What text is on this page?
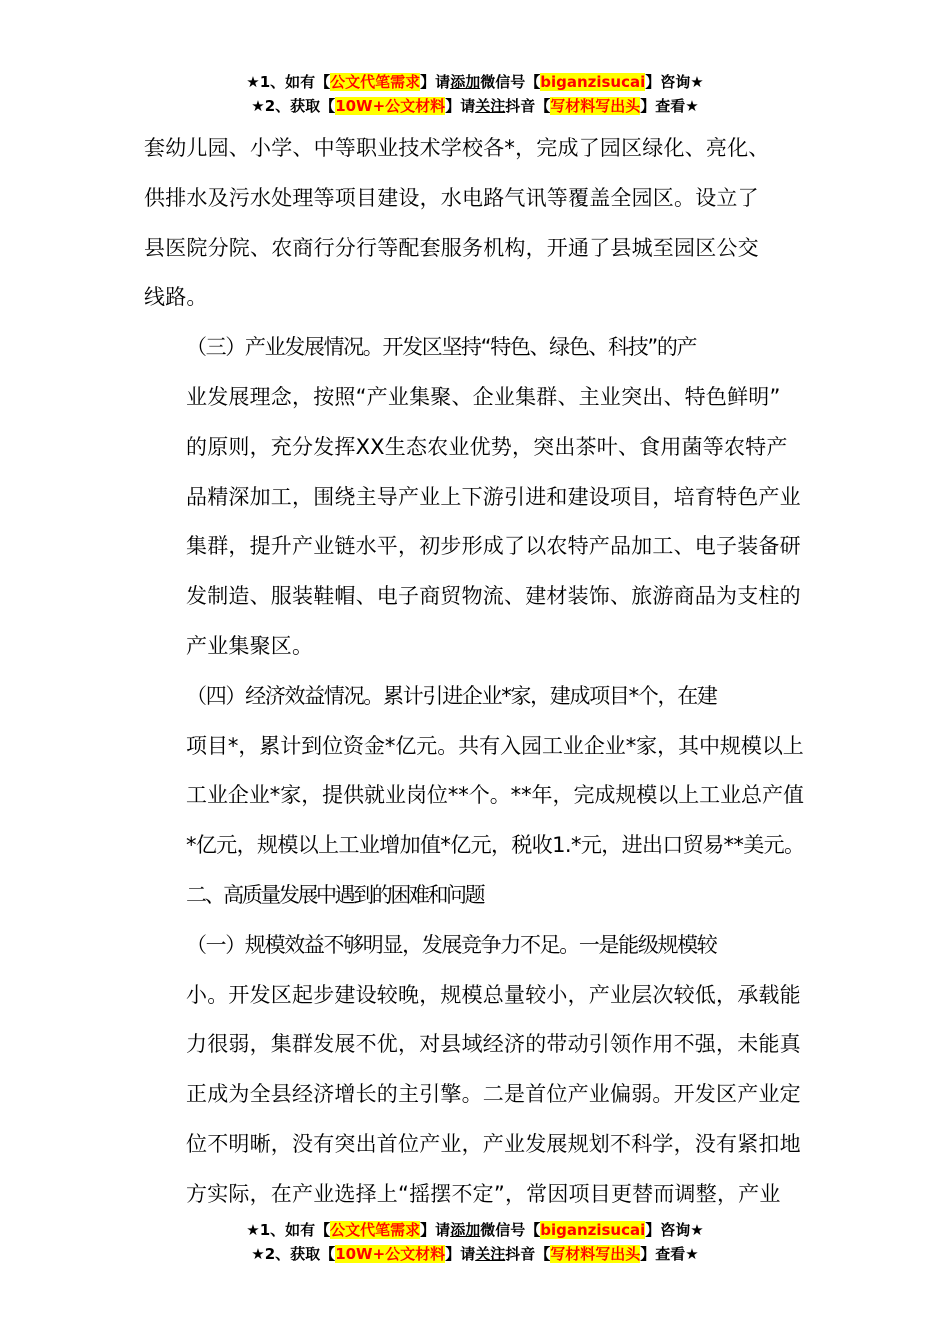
★1、如有【公文代笔需求】请添加微信号【biganzisucai】咨询★
★2、获取【10W+公文材料】请关注抖音【写材料写出头】查看★

套幼儿园、小学、中等职业技术学校各*，完成了园区绿化、亮化、
供排水及污水处理等项目建设，水电路气讯等覆盖全园区。设立了
县医院分院、农商行分行等配套服务机构，开通了县城至园区公交
线路。

（三）产业发展情况。开发区坚持“特色、绿色、科技”的产
业发展理念，按照“产业集聚、企业集群、主业突出、特色鲜明”
的原则，充分发挥XX生态农业优势，突出茶叶、食用菌等农特产
品精深加工，围绕主导产业上下游引进和建设项目，培育特色产业
集群，提升产业链水平，初步形成了以农特产品加工、电子装备研
发制造、服装鞋帽、电子商贸物流、建材装饰、旅游商品为支柱的
产业集聚区。

（四）经济效益情况。累计引进企业*家，建成项目*个，在建
项目*，累计到位资金*亿元。共有入园工业企业*家，其中规模以上
工业企业*家，提供就业岗位**个。**年，完成规模以上工业总产值
*亿元，规模以上工业增加值*亿元，税收1.*元，进出口贸易**美元。

二、高质量发展中遇到的困难和问题

（一）规模效益不够明显，发展竞争力不足。一是能级规模较
小。开发区起步建设较晚，规模总量较小，产业层次较低，承载能
力很弱，集群发展不优，对县域经济的带动引领作用不强，未能真
正成为全县经济增长的主引擎。二是首位产业偏弱。开发区产业定
位不明晰，没有突出首位产业，产业发展规划不科学，没有紧扣地
方实际，在产业选择上“摇摆不定”，常因项目更替而调整，产业

★1、如有【公文代笔需求】请添加微信号【biganzisucai】咨询★
★2、获取【10W+公文材料】请关注抖音【写材料写出头】查看★
